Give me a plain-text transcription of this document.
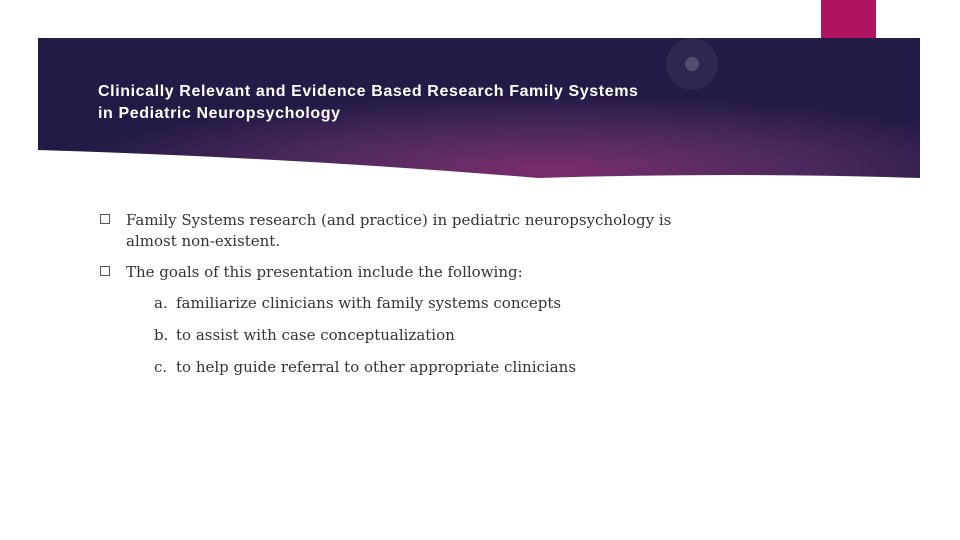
Clinically Relevant and Evidence Based Research Family Systems
in Pediatric Neuropsychology
Family Systems research (and practice) in pediatric neuropsychology is
almost non-existent.
The goals of this presentation include the following:
a. familiarize clinicians with family systems concepts
b. to assist with case conceptualization
c. to help guide referral to other appropriate clinicians
